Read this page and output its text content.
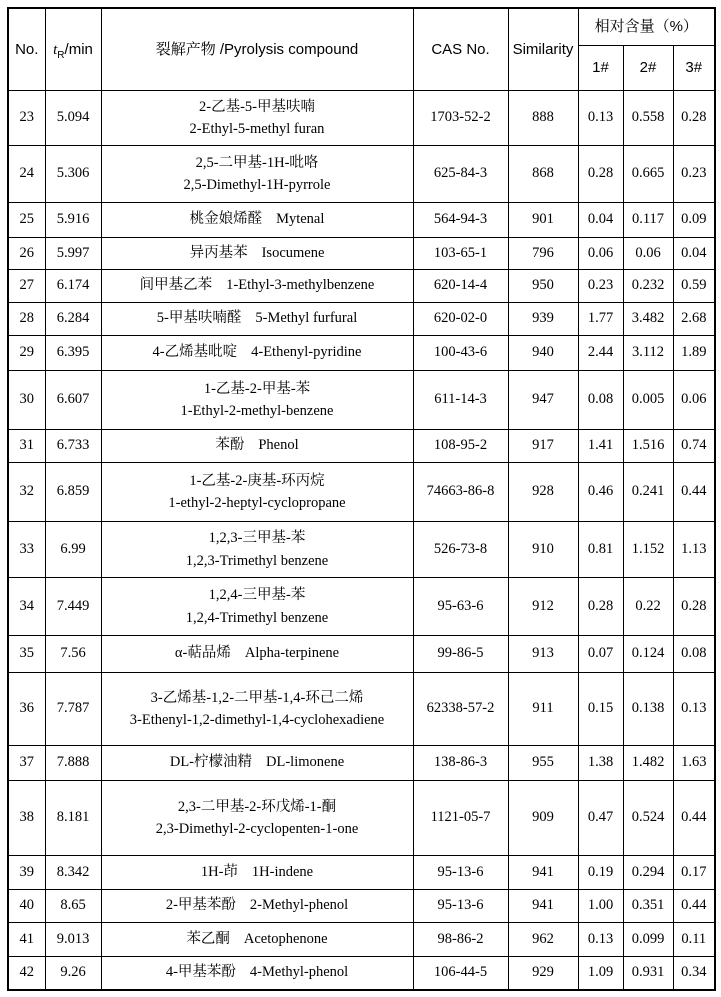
No.	$t_R/\min$	裂解产物 /Pyrolysis compound	CAS No.	Similarity	相对含量（%）		
					1#	2#	3#
23	5.094	2-乙基-5-甲基呋喃
2-Ethyl-5-methyl furan	1703-52-2	888	0.13	0.558	0.28
24	5.306	2,5-二甲基-1H-吡咯
2,5-Dimethyl-1H-pyrrole	625-84-3	868	0.28	0.665	0.23
25	5.916	桃金娘烯醛 Mytenal	564-94-3	901	0.04	0.117	0.09
26	5.997	异丙基苯 Isocumene	103-65-1	796	0.06	0.06	0.04
27	6.174	间甲基乙苯 1-Ethyl-3-methylbenzene	620-14-4	950	0.23	0.232	0.59
28	6.284	5-甲基呋喃醛 5-Methyl furfural	620-02-0	939	1.77	3.482	2.68
29	6.395	4-乙烯基吡啶 4-Ethenyl-pyridine	100-43-6	940	2.44	3.112	1.89
30	6.607	1-乙基-2-甲基-苯
1-Ethyl-2-methyl-benzene	611-14-3	947	0.08	0.005	0.06
31	6.733	苯酚 Phenol	108-95-2	917	1.41	1.516	0.74
32	6.859	1-乙基-2-庚基-环丙烷
1-ethyl-2-heptyl-cyclopropane	74663-86-8	928	0.46	0.241	0.44
33	6.99	1,2,3-三甲基-苯
1,2,3-Trimethyl benzene	526-73-8	910	0.81	1.152	1.13
34	7.449	1,2,4-三甲基-苯
1,2,4-Trimethyl benzene	95-63-6	912	0.28	0.22	0.28
35	7.56	α-萜品烯 Alpha-terpinene	99-86-5	913	0.07	0.124	0.08
36	7.787	3-乙烯基-1,2-二甲基-1,4-环己二烯
3-Ethenyl-1,2-dimethyl-1,4-cyclohexadiene	62338-57-2	911	0.15	0.138	0.13
37	7.888	DL-柠檬油精 DL-limonene	138-86-3	955	1.38	1.482	1.63
38	8.181	2,3-二甲基-2-环戊烯-1-酮
2,3-Dimethyl-2-cyclopenten-1-one	1121-05-7	909	0.47	0.524	0.44
39	8.342	1H-茚 1H-indene	95-13-6	941	0.19	0.294	0.17
40	8.65	2-甲基苯酚 2-Methyl-phenol	95-13-6	941	1.00	0.351	0.44
41	9.013	苯乙酮 Acetophenone	98-86-2	962	0.13	0.099	0.11
42	9.26	4-甲基苯酚 4-Methyl-phenol	106-44-5	929	1.09	0.931	0.34
